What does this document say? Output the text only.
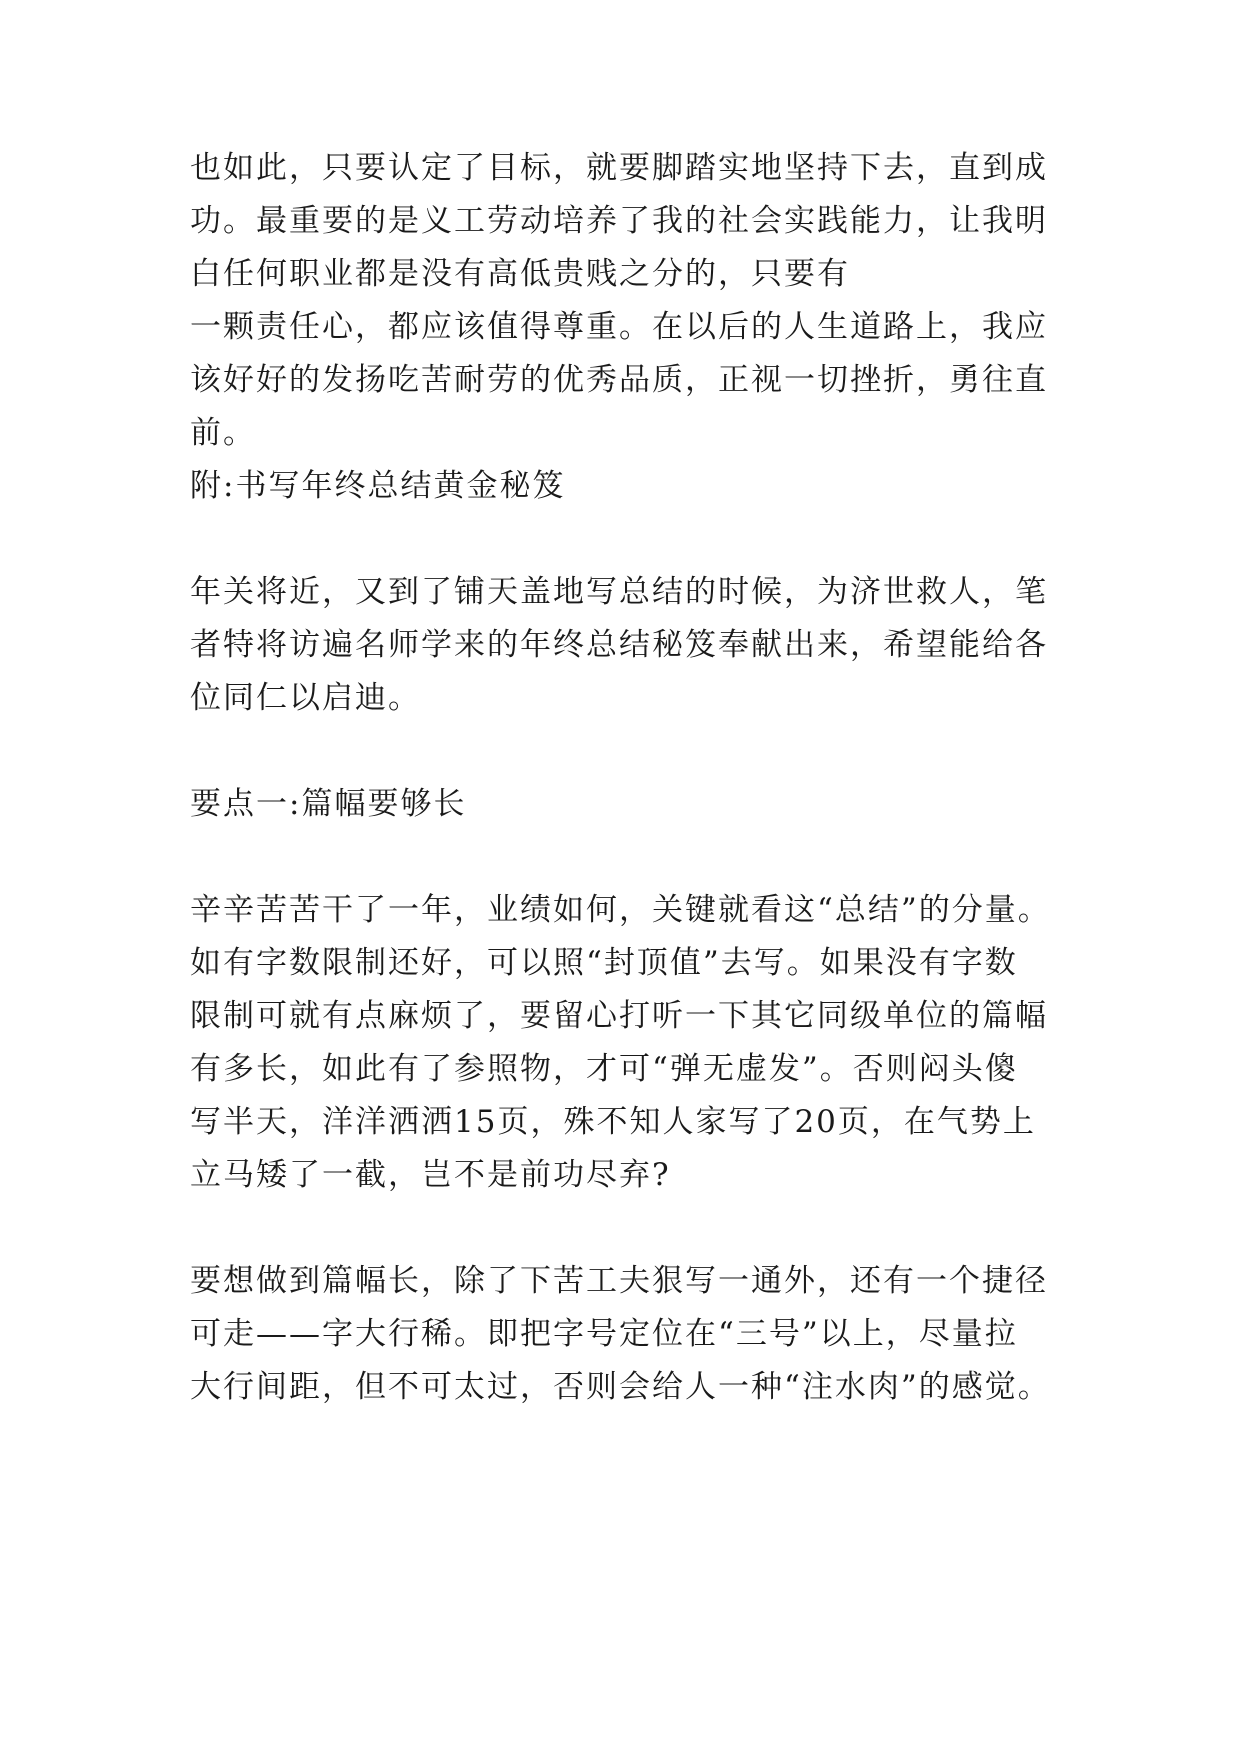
也如此，只要认定了目标，就要脚踏实地坚持下去，直到成
功。最重要的是义工劳动培养了我的社会实践能力，让我明
白任何职业都是没有高低贵贱之分的，只要有
一颗责任心，都应该值得尊重。在以后的人生道路上，我应
该好好的发扬吃苦耐劳的优秀品质，正视一切挫折，勇往直
前。
附:书写年终总结黄金秘笈
年关将近，又到了铺天盖地写总结的时候，为济世救人，笔
者特将访遍名师学来的年终总结秘笈奉献出来，希望能给各
位同仁以启迪。
要点一:篇幅要够长
辛辛苦苦干了一年，业绩如何，关键就看这“总结”的分量。
如有字数限制还好，可以照“封顶值”去写。如果没有字数
限制可就有点麻烦了，要留心打听一下其它同级单位的篇幅
有多长，如此有了参照物，才可“弹无虚发”。否则闷头傻
写半天，洋洋洒洒15页，殊不知人家写了20页，在气势上
立马矮了一截，岂不是前功尽弃?
要想做到篇幅长，除了下苦工夫狠写一通外，还有一个捷径
可走——字大行稀。即把字号定位在“三号”以上，尽量拉
大行间距，但不可太过，否则会给人一种“注水肉”的感觉。
